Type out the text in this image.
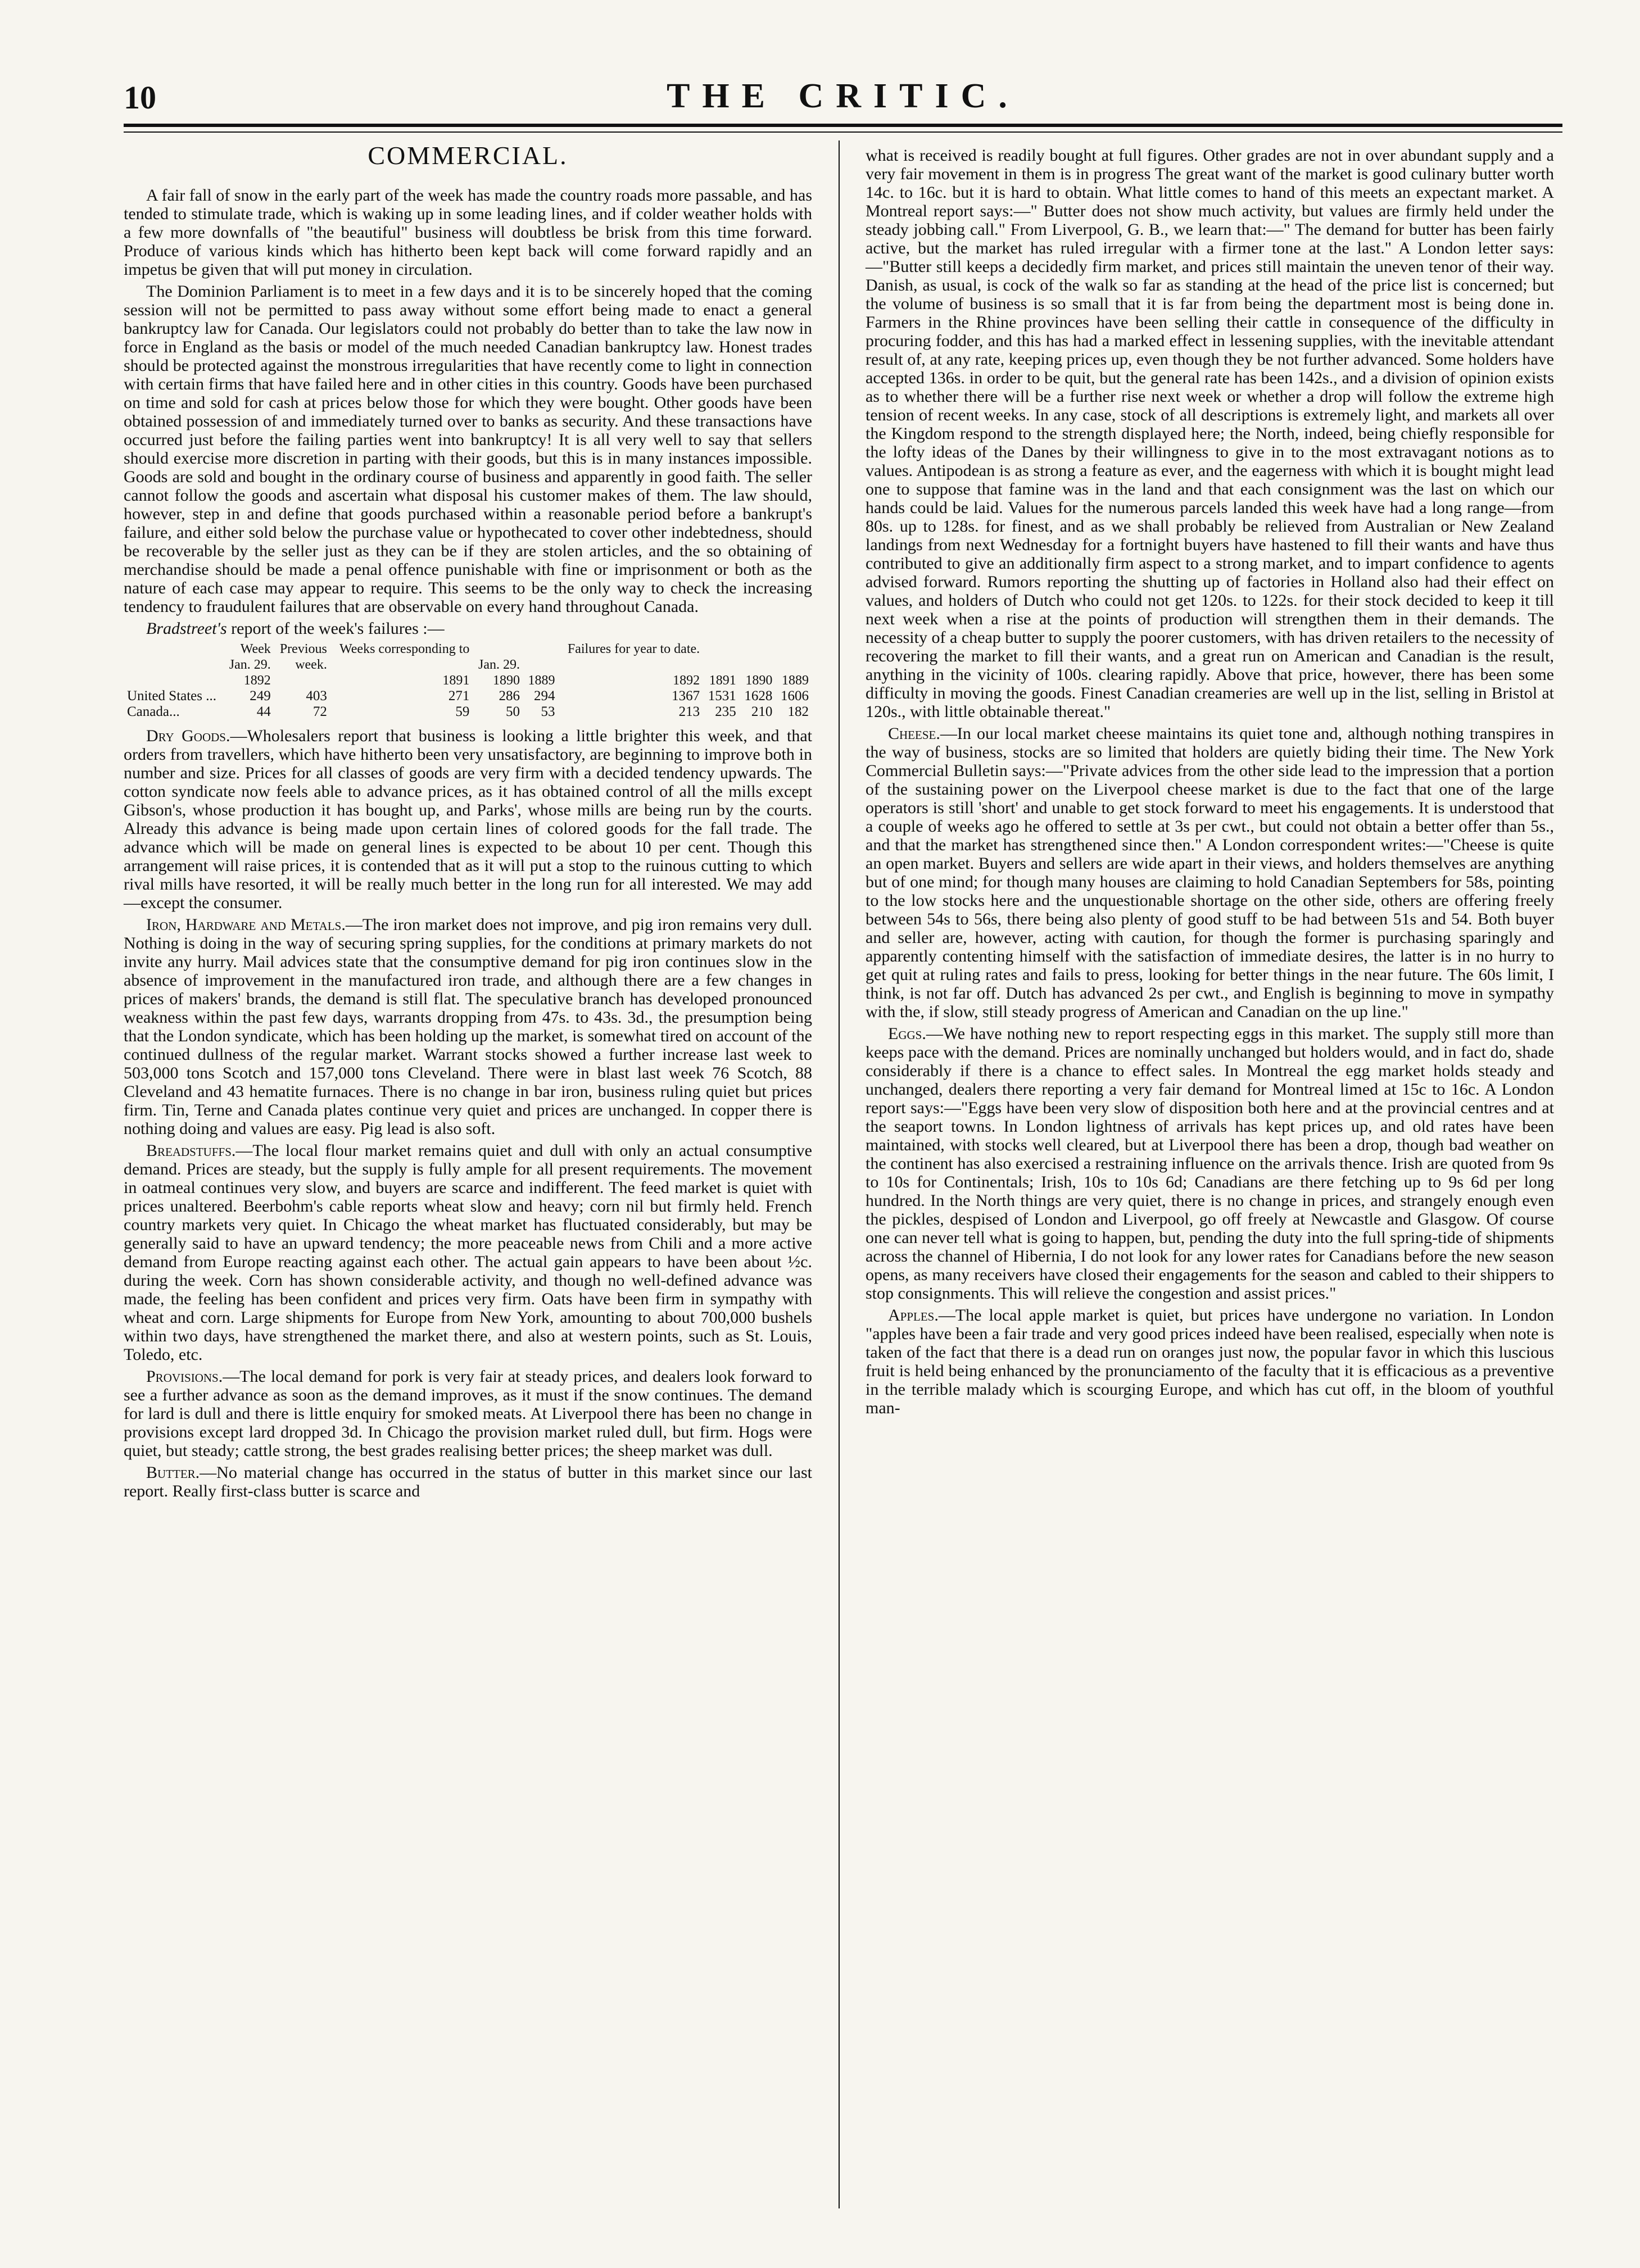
10	THE CRITIC.
COMMERCIAL.

A fair fall of snow in the early part of the week has made the country roads more passable, and has tended to stimulate trade, which is waking up in some leading lines, and if colder weather holds with a few more downfalls of "the beautiful" business will doubtless be brisk from this time forward. Produce of various kinds which has hitherto been kept back will come forward rapidly and an impetus be given that will put money in circulation.

The Dominion Parliament is to meet in a few days and it is to be sincerely hoped that the coming session will not be permitted to pass away without some effort being made to enact a general bankruptcy law for Canada. Our legislators could not probably do better than to take the law now in force in England as the basis or model of the much needed Canadian bankruptcy law. Honest trades should be protected against the monstrous irregularities that have recently come to light in connection with certain firms that have failed here and in other cities in this country. Goods have been purchased on time and sold for cash at prices below those for which they were bought. Other goods have been obtained possession of and immediately turned over to banks as security. And these transactions have occurred just before the failing parties went into bankruptcy! It is all very well to say that sellers should exercise more discretion in parting with their goods, but this is in many instances impossible. Goods are sold and bought in the ordinary course of business and apparently in good faith. The seller cannot follow the goods and ascertain what disposal his customer makes of them. The law should, however, step in and define that goods purchased within a reasonable period before a bankrupt's failure, and either sold below the purchase value or hypothecated to cover other indebtedness, should be recoverable by the seller just as they can be if they are stolen articles, and the so obtaining of merchandise should be made a penal offence punishable with fine or imprisonment or both as the nature of each case may appear to require. This seems to be the only way to check the increasing tendency to fraudulent failures that are observable on every hand throughout Canada.

Bradstreet's report of the week's failures :—

	Week	Previous	Weeks corresponding to			Failures for year to date.			
	Jan. 29.	week.		Jan. 29.					
	1892		1891	1890	1889	1892	1891	1890	1889
United States ...	249	403	271	286	294	1367	1531	1628	1606
Canada...	44	72	59	50	53	213	235	210	182

Dry Goods.—Wholesalers report that business is looking a little brighter this week, and that orders from travellers, which have hitherto been very unsatisfactory, are beginning to improve both in number and size. Prices for all classes of goods are very firm with a decided tendency upwards. The cotton syndicate now feels able to advance prices, as it has obtained control of all the mills except Gibson's, whose production it has bought up, and Parks', whose mills are being run by the courts. Already this advance is being made upon certain lines of colored goods for the fall trade. The advance which will be made on general lines is expected to be about 10 per cent. Though this arrangement will raise prices, it is contended that as it will put a stop to the ruinous cutting to which rival mills have resorted, it will be really much better in the long run for all interested. We may add —except the consumer.

Iron, Hardware and Metals.—The iron market does not improve, and pig iron remains very dull. Nothing is doing in the way of securing spring supplies, for the conditions at primary markets do not invite any hurry. Mail advices state that the consumptive demand for pig iron continues slow in the absence of improvement in the manufactured iron trade, and although there are a few changes in prices of makers' brands, the demand is still flat. The speculative branch has developed pronounced weakness within the past few days, warrants dropping from 47s. to 43s. 3d., the presumption being that the London syndicate, which has been holding up the market, is somewhat tired on account of the continued dullness of the regular market. Warrant stocks showed a further increase last week to 503,000 tons Scotch and 157,000 tons Cleveland. There were in blast last week 76 Scotch, 88 Cleveland and 43 hematite furnaces. There is no change in bar iron, business ruling quiet but prices firm. Tin, Terne and Canada plates continue very quiet and prices are unchanged. In copper there is nothing doing and values are easy. Pig lead is also soft.

Breadstuffs.—The local flour market remains quiet and dull with only an actual consumptive demand. Prices are steady, but the supply is fully ample for all present requirements. The movement in oatmeal continues very slow, and buyers are scarce and indifferent. The feed market is quiet with prices unaltered. Beerbohm's cable reports wheat slow and heavy; corn nil but firmly held. French country markets very quiet. In Chicago the wheat market has fluctuated considerably, but may be generally said to have an upward tendency; the more peaceable news from Chili and a more active demand from Europe reacting against each other. The actual gain appears to have been about ½c. during the week. Corn has shown considerable activity, and though no well-defined advance was made, the feeling has been confident and prices very firm. Oats have been firm in sympathy with wheat and corn. Large shipments for Europe from New York, amounting to about 700,000 bushels within two days, have strengthened the market there, and also at western points, such as St. Louis, Toledo, etc.

Provisions.—The local demand for pork is very fair at steady prices, and dealers look forward to see a further advance as soon as the demand improves, as it must if the snow continues. The demand for lard is dull and there is little enquiry for smoked meats. At Liverpool there has been no change in provisions except lard dropped 3d. In Chicago the provision market ruled dull, but firm. Hogs were quiet, but steady; cattle strong, the best grades realising better prices; the sheep market was dull.

Butter.—No material change has occurred in the status of butter in this market since our last report. Really first-class butter is scarce and

what is received is readily bought at full figures. Other grades are not in over abundant supply and a very fair movement in them is in progress The great want of the market is good culinary butter worth 14c. to 16c. but it is hard to obtain. What little comes to hand of this meets an expectant market. A Montreal report says:—" Butter does not show much activity, but values are firmly held under the steady jobbing call." From Liverpool, G. B., we learn that:—" The demand for butter has been fairly active, but the market has ruled irregular with a firmer tone at the last." A London letter says:—"Butter still keeps a decidedly firm market, and prices still maintain the uneven tenor of their way. Danish, as usual, is cock of the walk so far as standing at the head of the price list is concerned; but the volume of business is so small that it is far from being the department most is being done in. Farmers in the Rhine provinces have been selling their cattle in consequence of the difficulty in procuring fodder, and this has had a marked effect in lessening supplies, with the inevitable attendant result of, at any rate, keeping prices up, even though they be not further advanced. Some holders have accepted 136s. in order to be quit, but the general rate has been 142s., and a division of opinion exists as to whether there will be a further rise next week or whether a drop will follow the extreme high tension of recent weeks. In any case, stock of all descriptions is extremely light, and markets all over the Kingdom respond to the strength displayed here; the North, indeed, being chiefly responsible for the lofty ideas of the Danes by their willingness to give in to the most extravagant notions as to values. Antipodean is as strong a feature as ever, and the eagerness with which it is bought might lead one to suppose that famine was in the land and that each consignment was the last on which our hands could be laid. Values for the numerous parcels landed this week have had a long range—from 80s. up to 128s. for finest, and as we shall probably be relieved from Australian or New Zealand landings from next Wednesday for a fortnight buyers have hastened to fill their wants and have thus contributed to give an additionally firm aspect to a strong market, and to impart confidence to agents advised forward. Rumors reporting the shutting up of factories in Holland also had their effect on values, and holders of Dutch who could not get 120s. to 122s. for their stock decided to keep it till next week when a rise at the points of production will strengthen them in their demands. The necessity of a cheap butter to supply the poorer customers, with has driven retailers to the necessity of recovering the market to fill their wants, and a great run on American and Canadian is the result, anything in the vicinity of 100s. clearing rapidly. Above that price, however, there has been some difficulty in moving the goods. Finest Canadian creameries are well up in the list, selling in Bristol at 120s., with little obtainable thereat."

Cheese.—In our local market cheese maintains its quiet tone and, although nothing transpires in the way of business, stocks are so limited that holders are quietly biding their time. The New York Commercial Bulletin says:—"Private advices from the other side lead to the impression that a portion of the sustaining power on the Liverpool cheese market is due to the fact that one of the large operators is still 'short' and unable to get stock forward to meet his engagements. It is understood that a couple of weeks ago he offered to settle at 3s per cwt., but could not obtain a better offer than 5s., and that the market has strengthened since then." A London correspondent writes:—"Cheese is quite an open market. Buyers and sellers are wide apart in their views, and holders themselves are anything but of one mind; for though many houses are claiming to hold Canadian Septembers for 58s, pointing to the low stocks here and the unquestionable shortage on the other side, others are offering freely between 54s to 56s, there being also plenty of good stuff to be had between 51s and 54. Both buyer and seller are, however, acting with caution, for though the former is purchasing sparingly and apparently contenting himself with the satisfaction of immediate desires, the latter is in no hurry to get quit at ruling rates and fails to press, looking for better things in the near future. The 60s limit, I think, is not far off. Dutch has advanced 2s per cwt., and English is beginning to move in sympathy with the, if slow, still steady progress of American and Canadian on the up line."

Eggs.—We have nothing new to report respecting eggs in this market. The supply still more than keeps pace with the demand. Prices are nominally unchanged but holders would, and in fact do, shade considerably if there is a chance to effect sales. In Montreal the egg market holds steady and unchanged, dealers there reporting a very fair demand for Montreal limed at 15c to 16c. A London report says:—"Eggs have been very slow of disposition both here and at the provincial centres and at the seaport towns. In London lightness of arrivals has kept prices up, and old rates have been maintained, with stocks well cleared, but at Liverpool there has been a drop, though bad weather on the continent has also exercised a restraining influence on the arrivals thence. Irish are quoted from 9s to 10s for Continentals; Irish, 10s to 10s 6d; Canadians are there fetching up to 9s 6d per long hundred. In the North things are very quiet, there is no change in prices, and strangely enough even the pickles, despised of London and Liverpool, go off freely at Newcastle and Glasgow. Of course one can never tell what is going to happen, but, pending the duty into the full spring-tide of shipments across the channel of Hibernia, I do not look for any lower rates for Canadians before the new season opens, as many receivers have closed their engagements for the season and cabled to their shippers to stop consignments. This will relieve the congestion and assist prices."

Apples.—The local apple market is quiet, but prices have undergone no variation. In London "apples have been a fair trade and very good prices indeed have been realised, especially when note is taken of the fact that there is a dead run on oranges just now, the popular favor in which this luscious fruit is held being enhanced by the pronunciamento of the faculty that it is efficacious as a preventive in the terrible malady which is scourging Europe, and which has cut off, in the bloom of youthful man-
